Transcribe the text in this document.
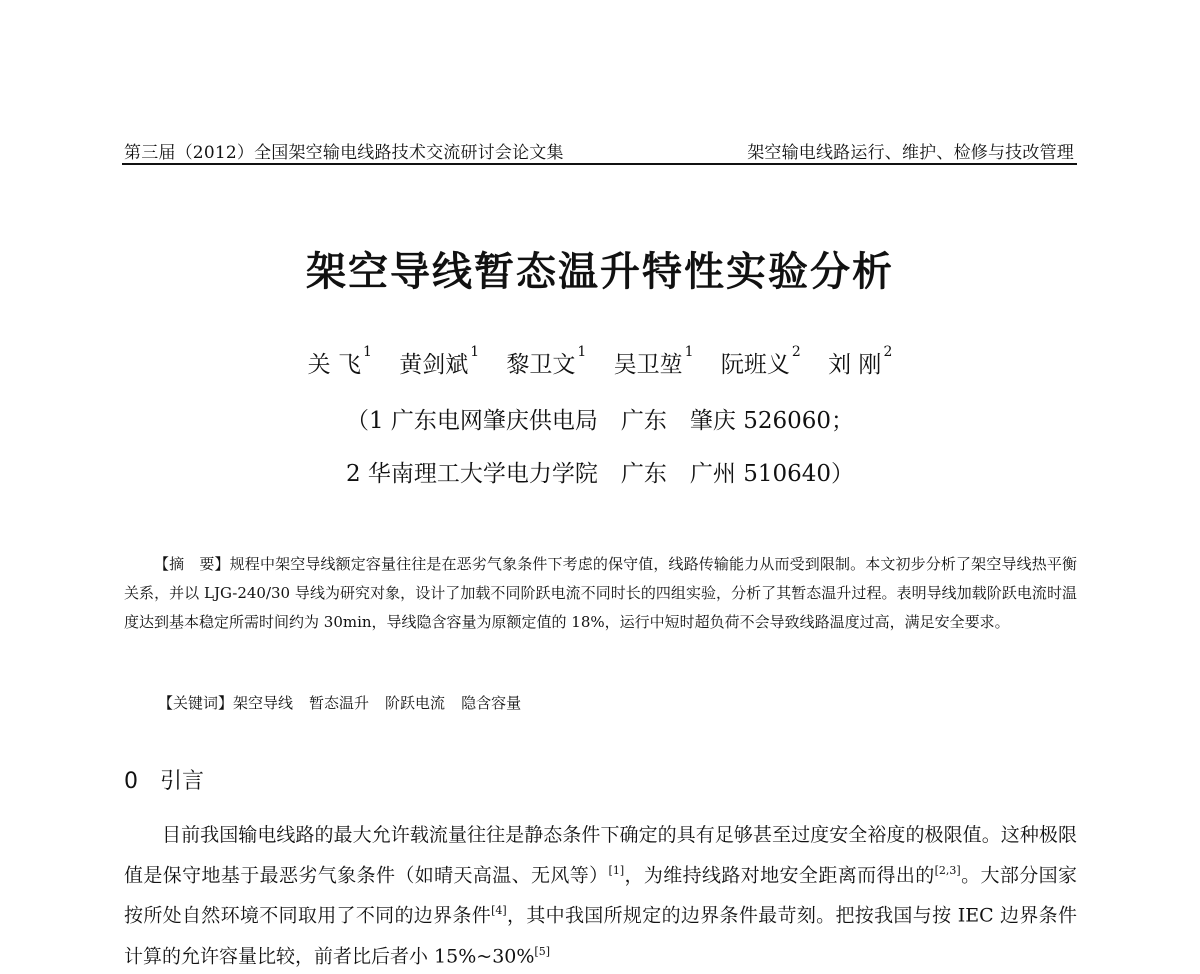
第三届（2012）全国架空输电线路技术交流研讨会论文集	架空输电线路运行、维护、检修与技改管理
架空导线暂态温升特性实验分析
关 飞 $^1$ 黄剑斌 $^1$ 黎卫文 $^1$ 吴卫堃 $^1$ 阮班义 $^2$ 刘 刚 $^2$
（1 广东电网肇庆供电局　广东　肇庆 526060；
2 华南理工大学电力学院　广东　广州 510640）
【摘　要】规程中架空导线额定容量往往是在恶劣气象条件下考虑的保守值，线路传输能力从而受到限制。本文初步分析了架空导线热平衡关系，并以 LJG-240/30 导线为研究对象，设计了加载不同阶跃电流不同时长的四组实验，分析了其暂态温升过程。表明导线加载阶跃电流时温度达到基本稳定所需时间约为 30min，导线隐含容量为原额定值的 18%，运行中短时超负荷不会导致线路温度过高，满足安全要求。
【关键词】架空导线 暂态温升 阶跃电流 隐含容量
0 引言
目前我国输电线路的最大允许载流量往往是静态条件下确定的具有足够甚至过度安全裕度的极限值。这种极限值是保守地基于最恶劣气象条件（如晴天高温、无风等）[1]，为维持线路对地安全距离而得出的[2,3]。大部分国家按所处自然环境不同取用了不同的边界条件[4]，其中我国所规定的边界条件最苛刻。把按我国与按 IEC 边界条件计算的允许容量比较，前者比后者小 15%~30%[5]
